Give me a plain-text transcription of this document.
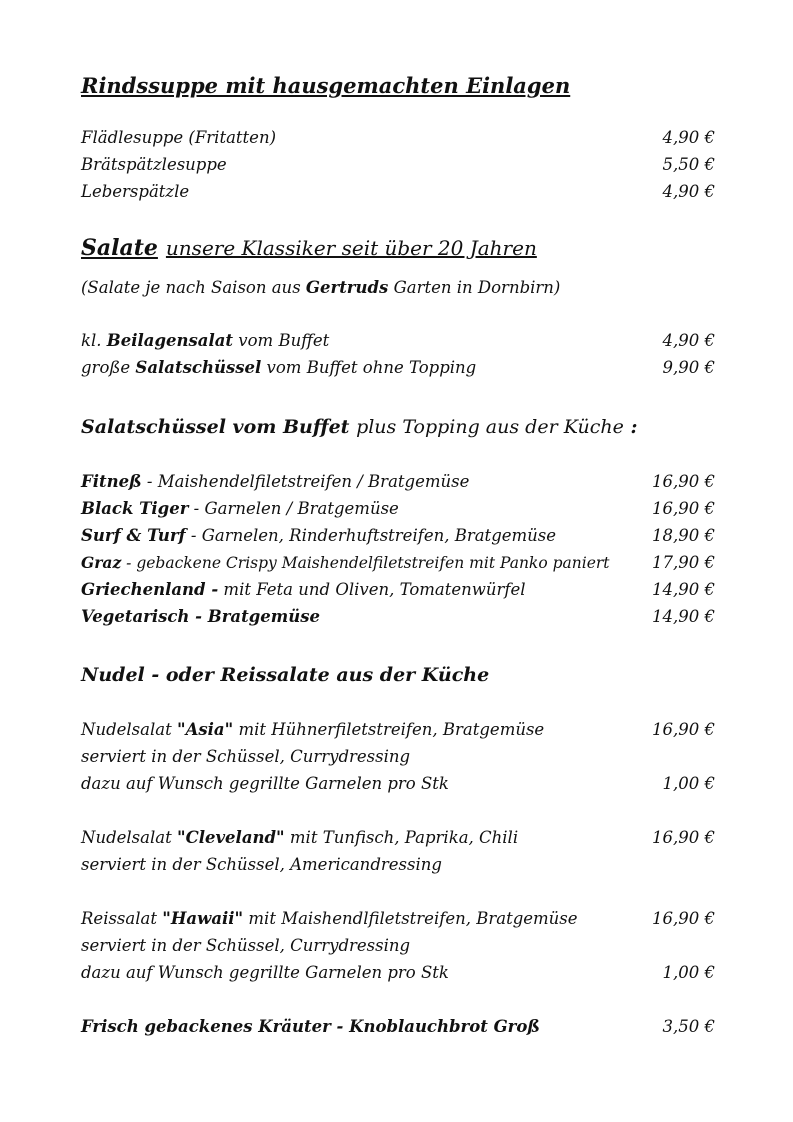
Rindssuppe mit hausgemachten Einlagen
Flädlesuppe (Fritatten)	4,90 €
Brätspätzlesuppe	5,50 €
Leberspätzle	4,90 €
Salate unsere Klassiker seit über 20 Jahren
(Salate je nach Saison aus Gertruds Garten in Dornbirn)
kl. Beilagensalat vom Buffet	4,90 €
große Salatschüssel vom Buffet ohne Topping	9,90 €
Salatschüssel vom Buffet plus Topping aus der Küche :
Fitneß - Maishendelfiletstreifen / Bratgemüse	16,90 €
Black Tiger - Garnelen / Bratgemüse	16,90 €
Surf & Turf - Garnelen, Rinderhuftstreifen, Bratgemüse	18,90 €
Graz - gebackene Crispy Maishendelfiletstreifen mit Panko paniert	17,90 €
Griechenland - mit Feta und Oliven, Tomatenwürfel	14,90 €
Vegetarisch - Bratgemüse	14,90 €
Nudel - oder Reissalate aus der Küche
Nudelsalat "Asia" mit Hühnerfiletstreifen, Bratgemüse	16,90 €
serviert in der Schüssel, Currydressing
dazu auf Wunsch gegrillte Garnelen pro Stk	1,00 €
Nudelsalat "Cleveland" mit Tunfisch, Paprika, Chili	16,90 €
serviert in der Schüssel, Americandressing
Reissalat "Hawaii" mit Maishendlfiletstreifen, Bratgemüse	16,90 €
serviert in der Schüssel, Currydressing
dazu auf Wunsch gegrillte Garnelen pro Stk	1,00 €
Frisch gebackenes Kräuter - Knoblauchbrot Groß	3,50 €
